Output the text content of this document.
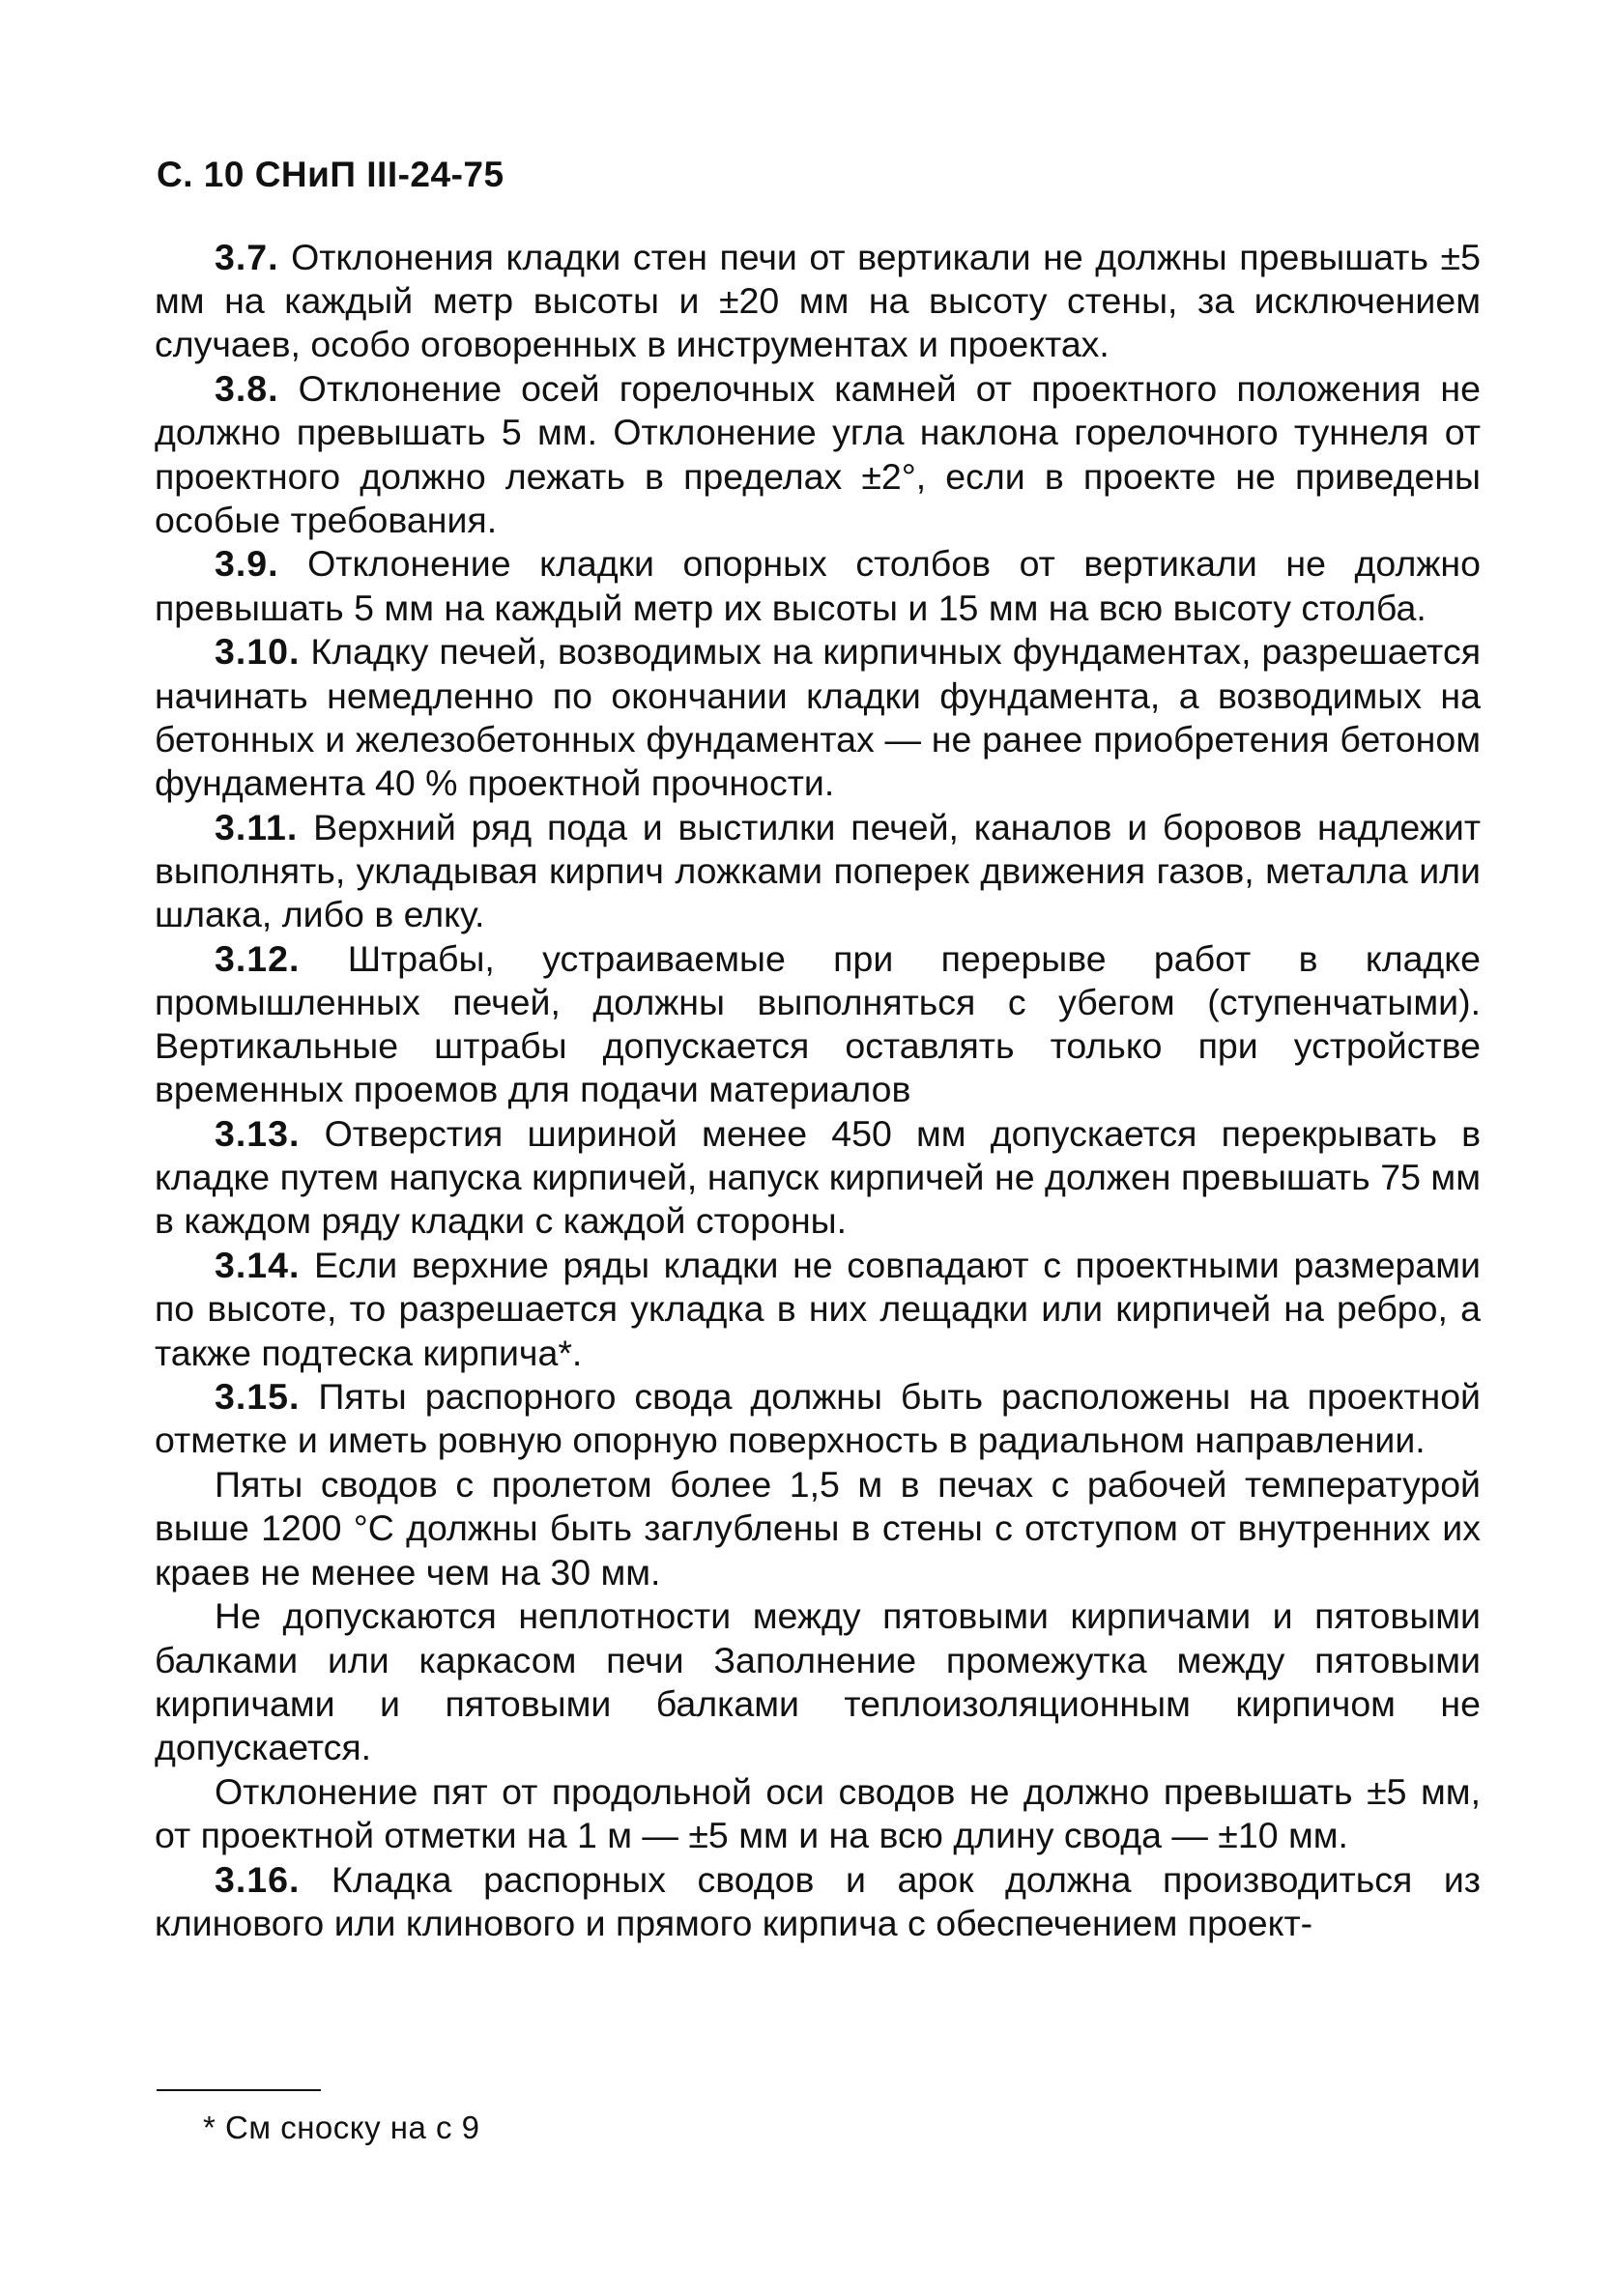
С. 10 СНиП III-24-75

3.7. Отклонения кладки стен печи от вертикали не должны превышать ±5 мм на каждый метр высоты и ±20 мм на высоту стены, за исключением случаев, особо оговоренных в инструментах и проектах.

3.8. Отклонение осей горелочных камней от проектного положения не должно превышать 5 мм. Отклонение угла наклона горелочного туннеля от проектного должно лежать в пределах ±2°, если в проекте не приведены особые требования.

3.9. Отклонение кладки опорных столбов от вертикали не должно превышать 5 мм на каждый метр их высоты и 15 мм на всю высоту столба.

3.10. Кладку печей, возводимых на кирпичных фундаментах, разрешается начинать немедленно по окончании кладки фундамента, а возводимых на бетонных и железобетонных фундаментах — не ранее приобретения бетоном фундамента 40 % проектной прочности.

3.11. Верхний ряд пода и выстилки печей, каналов и боровов надлежит выполнять, укладывая кирпич ложками поперек движения газов, металла или шлака, либо в елку.

3.12. Штрабы, устраиваемые при перерыве работ в кладке промышленных печей, должны выполняться с убегом (ступенчатыми). Вертикальные штрабы допускается оставлять только при устройстве временных проемов для подачи материалов

3.13. Отверстия шириной менее 450 мм допускается перекрывать в кладке путем напуска кирпичей, напуск кирпичей не должен превышать 75 мм в каждом ряду кладки с каждой стороны.

3.14. Если верхние ряды кладки не совпадают с проектными размерами по высоте, то разрешается укладка в них лещадки или кирпичей на ребро, а также подтеска кирпича*.

3.15. Пяты распорного свода должны быть расположены на проектной отметке и иметь ровную опорную поверхность в радиальном направлении.

Пяты сводов с пролетом более 1,5 м в печах с рабочей температурой выше 1200 °С должны быть заглублены в стены с отступом от внутренних их краев не менее чем на 30 мм.

Не допускаются неплотности между пятовыми кирпичами и пятовыми балками или каркасом печи Заполнение промежутка между пятовыми кирпичами и пятовыми балками теплоизоляционным кирпичом не допускается.

Отклонение пят от продольной оси сводов не должно превышать ±5 мм, от проектной отметки на 1 м — ±5 мм и на всю длину свода — ±10 мм.

3.16. Кладка распорных сводов и арок должна производиться из клинового или клинового и прямого кирпича с обеспечением проект-

* См сноску на с 9
